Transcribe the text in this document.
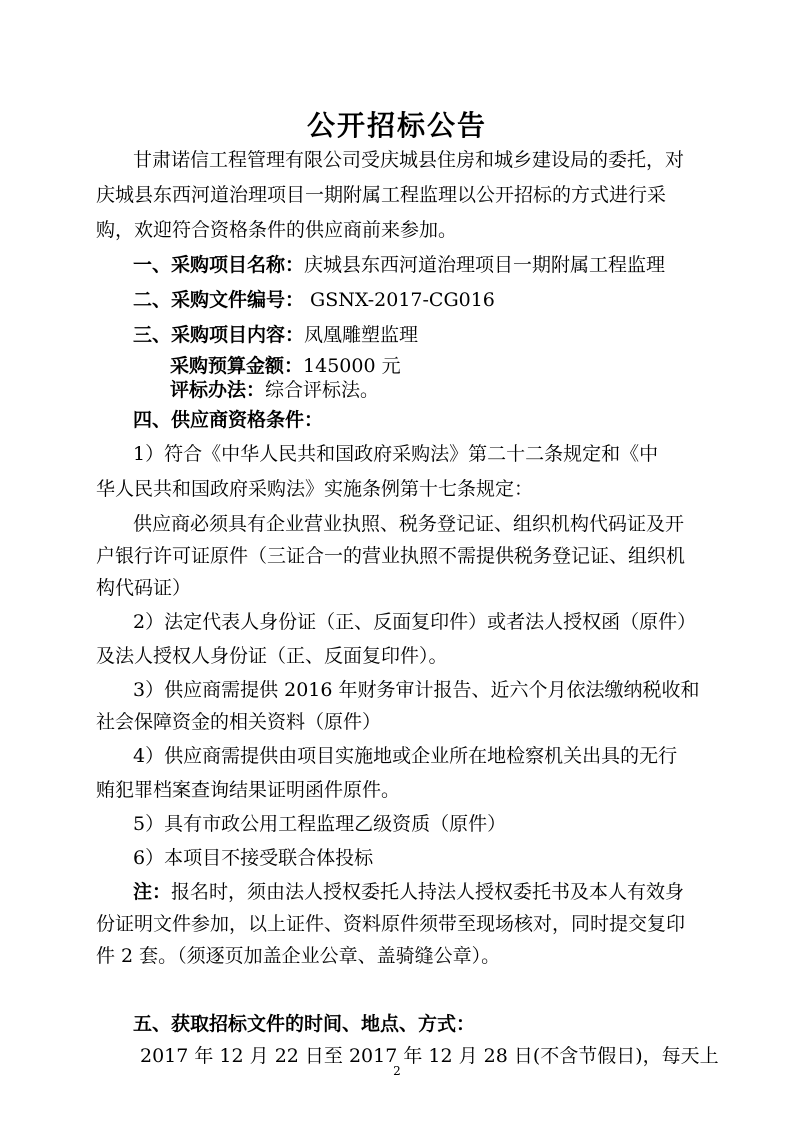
公开招标公告

甘肃诺信工程管理有限公司受庆城县住房和城乡建设局的委托，对

庆城县东西河道治理项目一期附属工程监理以公开招标的方式进行采

购，欢迎符合资格条件的供应商前来参加。

一、采购项目名称：庆城县东西河道治理项目一期附属工程监理

二、采购文件编号： GSNX-2017-CG016

三、采购项目内容：凤凰雕塑监理

采购预算金额：145000 元

评标办法：综合评标法。

四、供应商资格条件：

1）符合《中华人民共和国政府采购法》第二十二条规定和《中

华人民共和国政府采购法》实施条例第十七条规定：

供应商必须具有企业营业执照、税务登记证、组织机构代码证及开

户银行许可证原件（三证合一的营业执照不需提供税务登记证、组织机

构代码证）

2）法定代表人身份证（正、反面复印件）或者法人授权函（原件）

及法人授权人身份证（正、反面复印件）。

3）供应商需提供 2016 年财务审计报告、近六个月依法缴纳税收和

社会保障资金的相关资料（原件）

4）供应商需提供由项目实施地或企业所在地检察机关出具的无行

贿犯罪档案查询结果证明函件原件。

5）具有市政公用工程监理乙级资质（原件）

6）本项目不接受联合体投标

注：报名时，须由法人授权委托人持法人授权委托书及本人有效身

份证明文件参加，以上证件、资料原件须带至现场核对，同时提交复印

件 2 套。（须逐页加盖企业公章、盖骑缝公章）。

五、获取招标文件的时间、地点、方式：

2017 年 12 月 22 日至 2017 年 12 月 28 日(不含节假日)，每天上

2
